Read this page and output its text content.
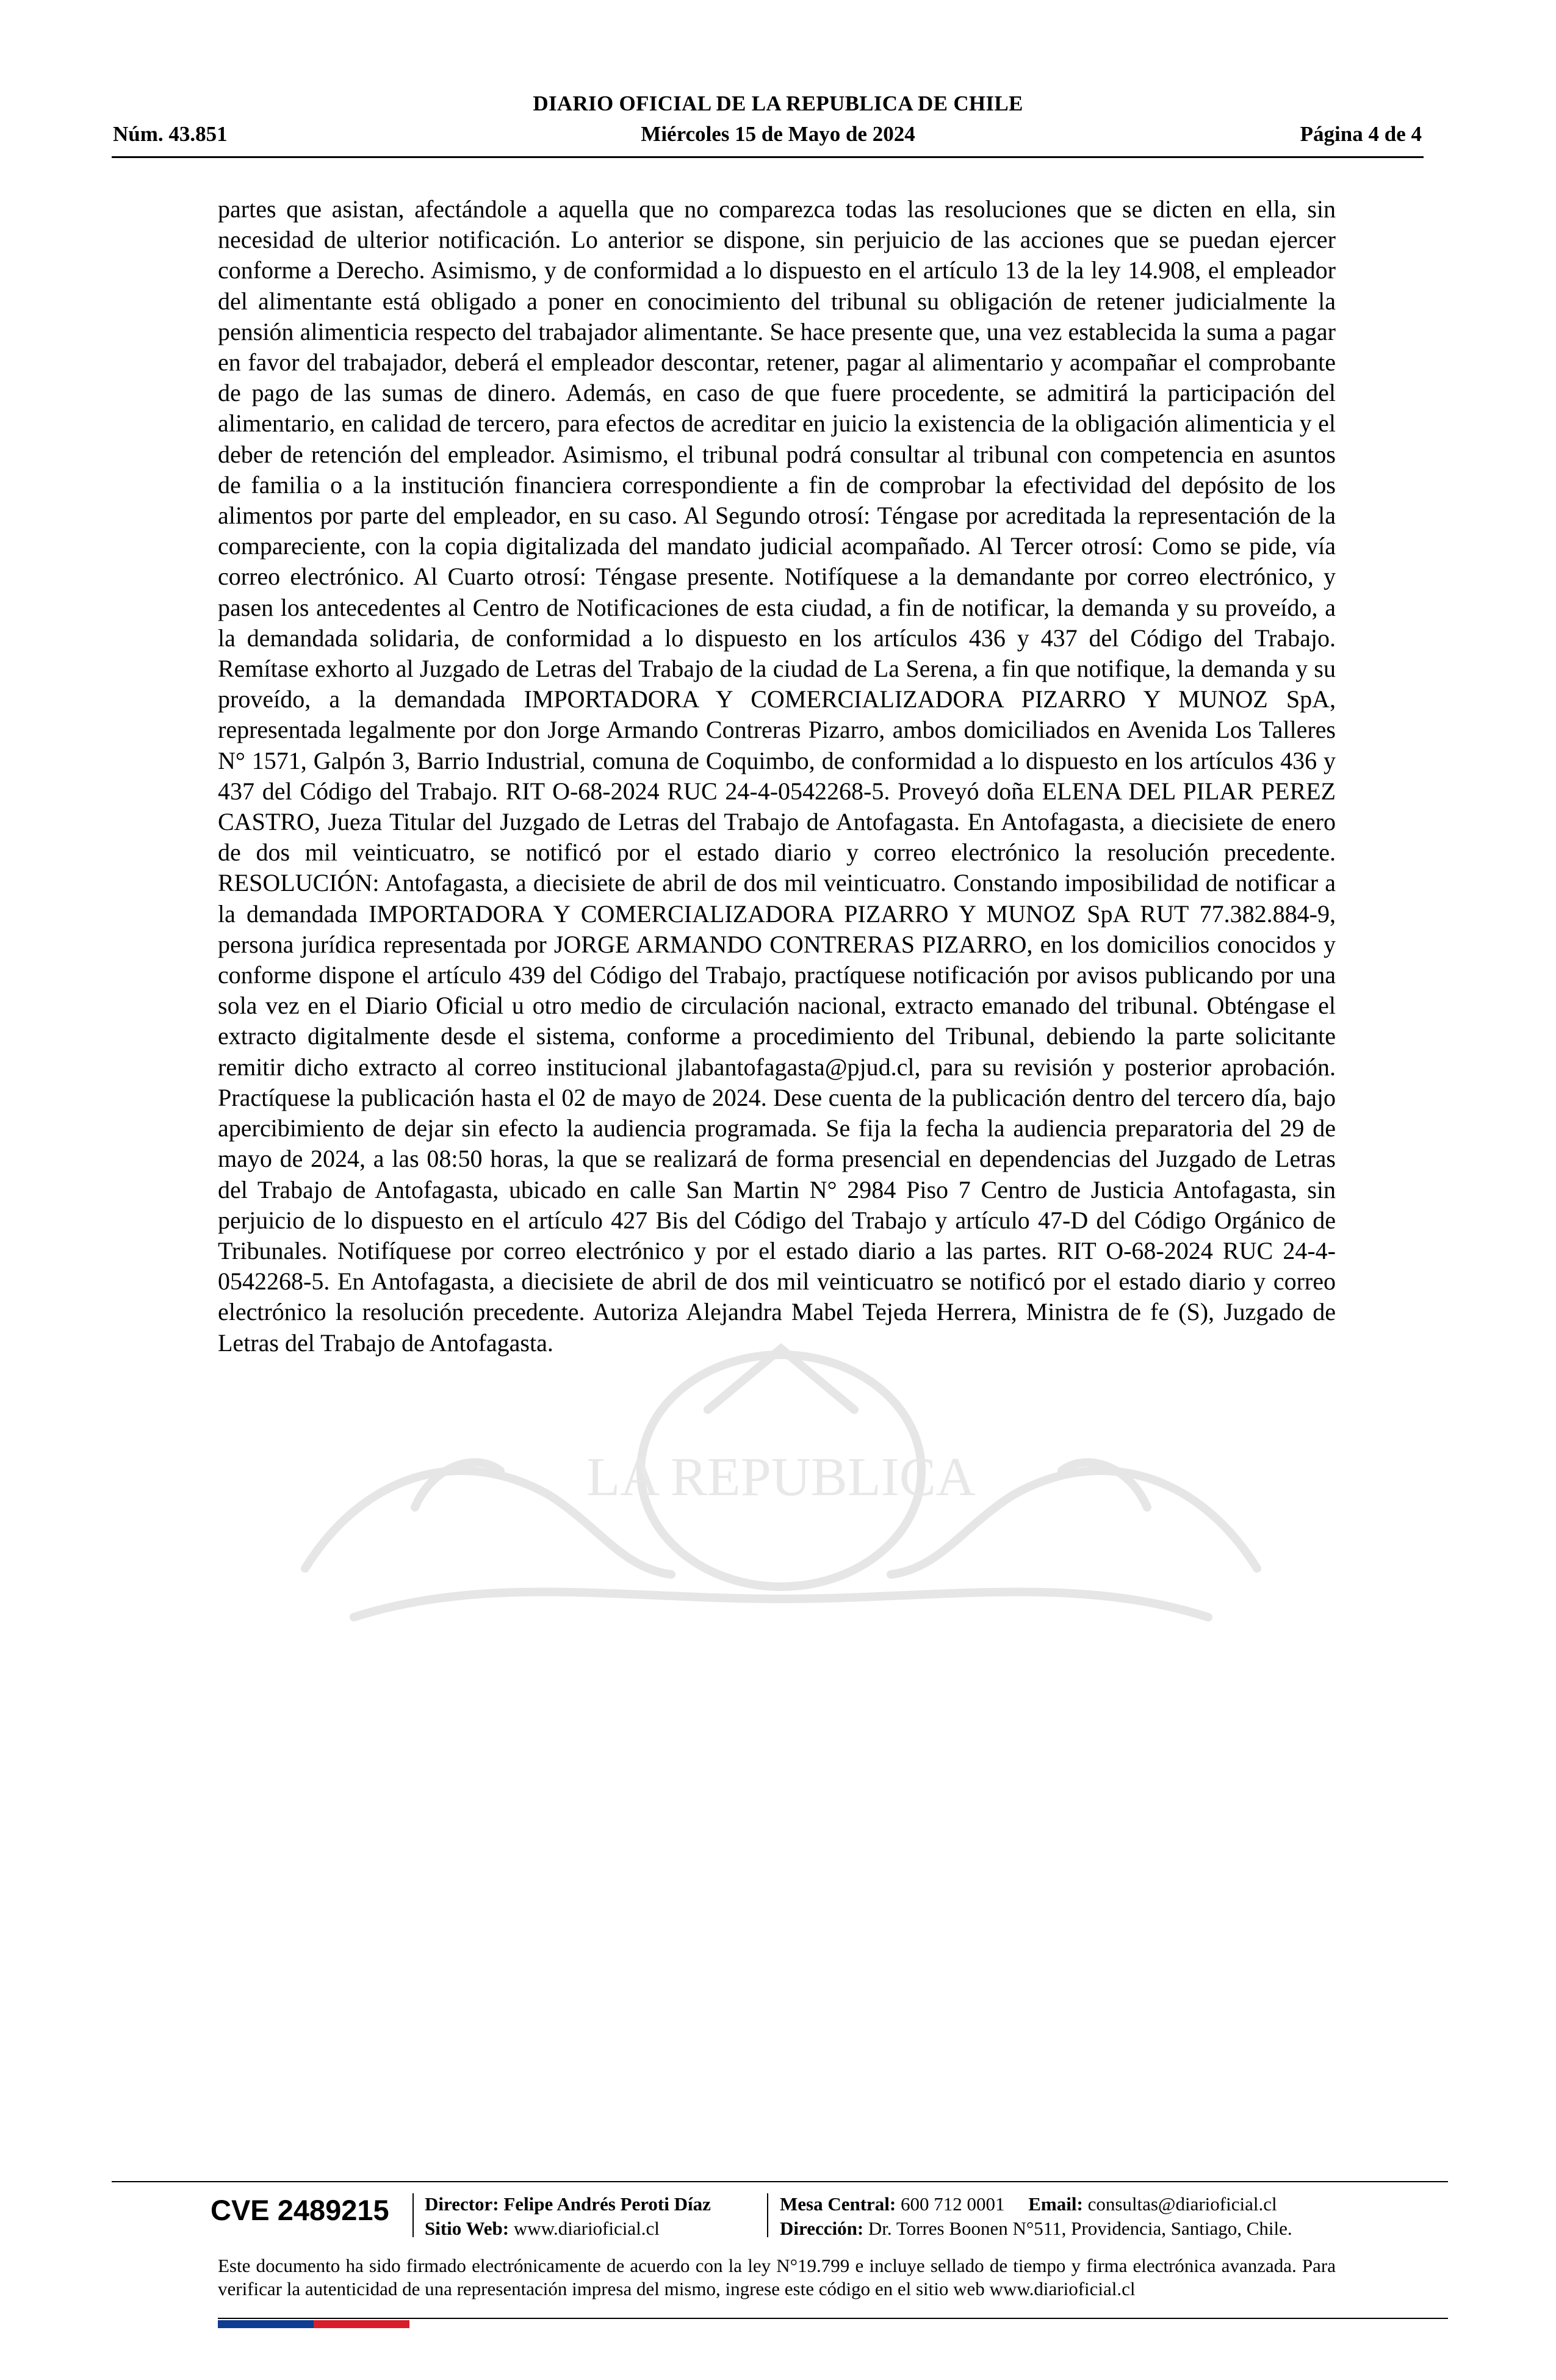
DIARIO OFICIAL DE LA REPUBLICA DE CHILE
Núm. 43.851	Miércoles 15 de Mayo de 2024	Página 4 de 4
LA REPUBLICA
partes que asistan, afectándole a aquella que no comparezca todas las resoluciones que se dicten en ella, sin necesidad de ulterior notificación. Lo anterior se dispone, sin perjuicio de las acciones que se puedan ejercer conforme a Derecho. Asimismo, y de conformidad a lo dispuesto en el artículo 13 de la ley 14.908, el empleador del alimentante está obligado a poner en conocimiento del tribunal su obligación de retener judicialmente la pensión alimenticia respecto del trabajador alimentante. Se hace presente que, una vez establecida la suma a pagar en favor del trabajador, deberá el empleador descontar, retener, pagar al alimentario y acompañar el comprobante de pago de las sumas de dinero. Además, en caso de que fuere procedente, se admitirá la participación del alimentario, en calidad de tercero, para efectos de acreditar en juicio la existencia de la obligación alimenticia y el deber de retención del empleador. Asimismo, el tribunal podrá consultar al tribunal con competencia en asuntos de familia o a la institución financiera correspondiente a fin de comprobar la efectividad del depósito de los alimentos por parte del empleador, en su caso. Al Segundo otrosí: Téngase por acreditada la representación de la compareciente, con la copia digitalizada del mandato judicial acompañado. Al Tercer otrosí: Como se pide, vía correo electrónico. Al Cuarto otrosí: Téngase presente. Notifíquese a la demandante por correo electrónico, y pasen los antecedentes al Centro de Notificaciones de esta ciudad, a fin de notificar, la demanda y su proveído, a la demandada solidaria, de conformidad a lo dispuesto en los artículos 436 y 437 del Código del Trabajo. Remítase exhorto al Juzgado de Letras del Trabajo de la ciudad de La Serena, a fin que notifique, la demanda y su proveído, a la demandada IMPORTADORA Y COMERCIALIZADORA PIZARRO Y MUNOZ SpA, representada legalmente por don Jorge Armando Contreras Pizarro, ambos domiciliados en Avenida Los Talleres N° 1571, Galpón 3, Barrio Industrial, comuna de Coquimbo, de conformidad a lo dispuesto en los artículos 436 y 437 del Código del Trabajo. RIT O-68-2024 RUC 24-4-0542268-5. Proveyó doña ELENA DEL PILAR PEREZ CASTRO, Jueza Titular del Juzgado de Letras del Trabajo de Antofagasta. En Antofagasta, a diecisiete de enero de dos mil veinticuatro, se notificó por el estado diario y correo electrónico la resolución precedente. RESOLUCIÓN: Antofagasta, a diecisiete de abril de dos mil veinticuatro. Constando imposibilidad de notificar a la demandada IMPORTADORA Y COMERCIALIZADORA PIZARRO Y MUNOZ SpA RUT 77.382.884-9, persona jurídica representada por JORGE ARMANDO CONTRERAS PIZARRO, en los domicilios conocidos y conforme dispone el artículo 439 del Código del Trabajo, practíquese notificación por avisos publicando por una sola vez en el Diario Oficial u otro medio de circulación nacional, extracto emanado del tribunal. Obténgase el extracto digitalmente desde el sistema, conforme a procedimiento del Tribunal, debiendo la parte solicitante remitir dicho extracto al correo institucional jlabantofagasta@pjud.cl, para su revisión y posterior aprobación. Practíquese la publicación hasta el 02 de mayo de 2024. Dese cuenta de la publicación dentro del tercero día, bajo apercibimiento de dejar sin efecto la audiencia programada. Se fija la fecha la audiencia preparatoria del 29 de mayo de 2024, a las 08:50 horas, la que se realizará de forma presencial en dependencias del Juzgado de Letras del Trabajo de Antofagasta, ubicado en calle San Martin N° 2984 Piso 7 Centro de Justicia Antofagasta, sin perjuicio de lo dispuesto en el artículo 427 Bis del Código del Trabajo y artículo 47-D del Código Orgánico de Tribunales. Notifíquese por correo electrónico y por el estado diario a las partes. RIT O-68-2024 RUC 24-4-0542268-5. En Antofagasta, a diecisiete de abril de dos mil veinticuatro se notificó por el estado diario y correo electrónico la resolución precedente. Autoriza Alejandra Mabel Tejeda Herrera, Ministra de fe (S), Juzgado de Letras del Trabajo de Antofagasta.
CVE 2489215 Director: Felipe Andrés Peroti Díaz
Sitio Web: www.diarioficial.cl
Mesa Central: 600 712 0001 Email: consultas@diarioficial.cl
Dirección: Dr. Torres Boonen N°511, Providencia, Santiago, Chile.
Este documento ha sido firmado electrónicamente de acuerdo con la ley N°19.799 e incluye sellado de tiempo y firma electrónica avanzada. Para verificar la autenticidad de una representación impresa del mismo, ingrese este código en el sitio web www.diarioficial.cl
